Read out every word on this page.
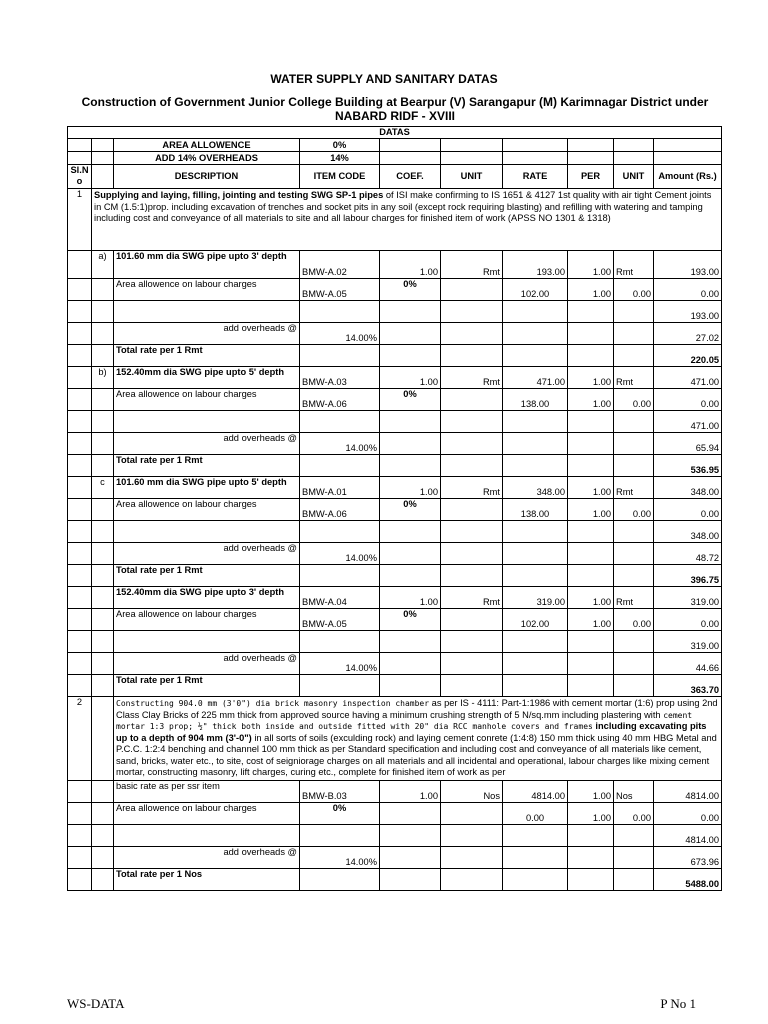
WATER SUPPLY AND SANITARY DATAS
Construction of Government Junior College Building at Bearpur (V) Sarangapur (M) Karimnagar District under NABARD RIDF - XVIII
DATAS									
		AREA ALLOWENCE	0%						
		ADD 14% OVERHEADS	14%						
Sl.No		DESCRIPTION	ITEM CODE	COEF.	UNIT	RATE	PER	UNIT	Amount (Rs.)
1	Supplying and laying, filling, jointing and testing SWG SP-1 pipes of ISI make confirming to IS 1651 & 4127 1st quality with air tight Cement joints in CM (1.5:1)prop. including excavation of trenches and socket pits in any soil (except rock requiring blasting) and refilling with watering and tamping including cost and conveyance of all materials to site and all labour charges for finished item of work (APSS NO 1301 & 1318)								
	a)	101.60 mm dia SWG pipe upto 3' depth	BMW-A.02	1.00	Rmt	193.00	1.00	Rmt	193.00
		Area allowence on labour charges	BMW-A.05	0%		102.00	1.00	0.00	0.00
									193.00
		add overheads @	14.00%						27.02
		Total rate per 1 Rmt							220.05
	b)	152.40mm dia SWG pipe upto 5' depth	BMW-A.03	1.00	Rmt	471.00	1.00	Rmt	471.00
		Area allowence on labour charges	BMW-A.06	0%		138.00	1.00	0.00	0.00
									471.00
		add overheads @	14.00%						65.94
		Total rate per 1 Rmt							536.95
	c	101.60 mm dia SWG pipe upto 5' depth	BMW-A.01	1.00	Rmt	348.00	1.00	Rmt	348.00
		Area allowence on labour charges	BMW-A.06	0%		138.00	1.00	0.00	0.00
									348.00
		add overheads @	14.00%						48.72
		Total rate per 1 Rmt							396.75
		152.40mm dia SWG pipe upto 3' depth	BMW-A.04	1.00	Rmt	319.00	1.00	Rmt	319.00
		Area allowence on labour charges	BMW-A.05	0%		102.00	1.00	0.00	0.00
									319.00
		add overheads @	14.00%						44.66
		Total rate per 1 Rmt							363.70
2		Constructing 904.0 mm (3'0") dia brick masonry inspection chamber as per IS - 4111: Part-1:1986 with cement mortar (1:6) prop using 2nd Class Clay Bricks of 225 mm thick from approved source having a minimum crushing strength of 5 N/sq.mm including plastering with cement mortar 1:3 prop; ½" thick both inside and outside fitted with 20" dia RCC manhole covers and frames including excavating pits up to a depth of 904 mm (3'-0") in all sorts of soils (exculding rock) and laying cement conrete (1:4:8) 150 mm thick using 40 mm HBG Metal and P.C.C. 1:2:4 benching and channel 100 mm thick as per Standard specification and including cost and conveyance of all materials like cement, sand, bricks, water etc., to site, cost of seigniorage charges on all materials and all incidental and operational, labour charges like mixing cement mortar, constructing masonry, lift charges, curing etc., complete for finished item of work as per							
		basic rate as per ssr item	BMW-B.03	1.00	Nos	4814.00	1.00	Nos	4814.00
		Area allowence on labour charges	0%			0.00	1.00	0.00	0.00
									4814.00
		add overheads @	14.00%						673.96
		Total rate per 1 Nos							5488.00
WS-DATA	P No 1
